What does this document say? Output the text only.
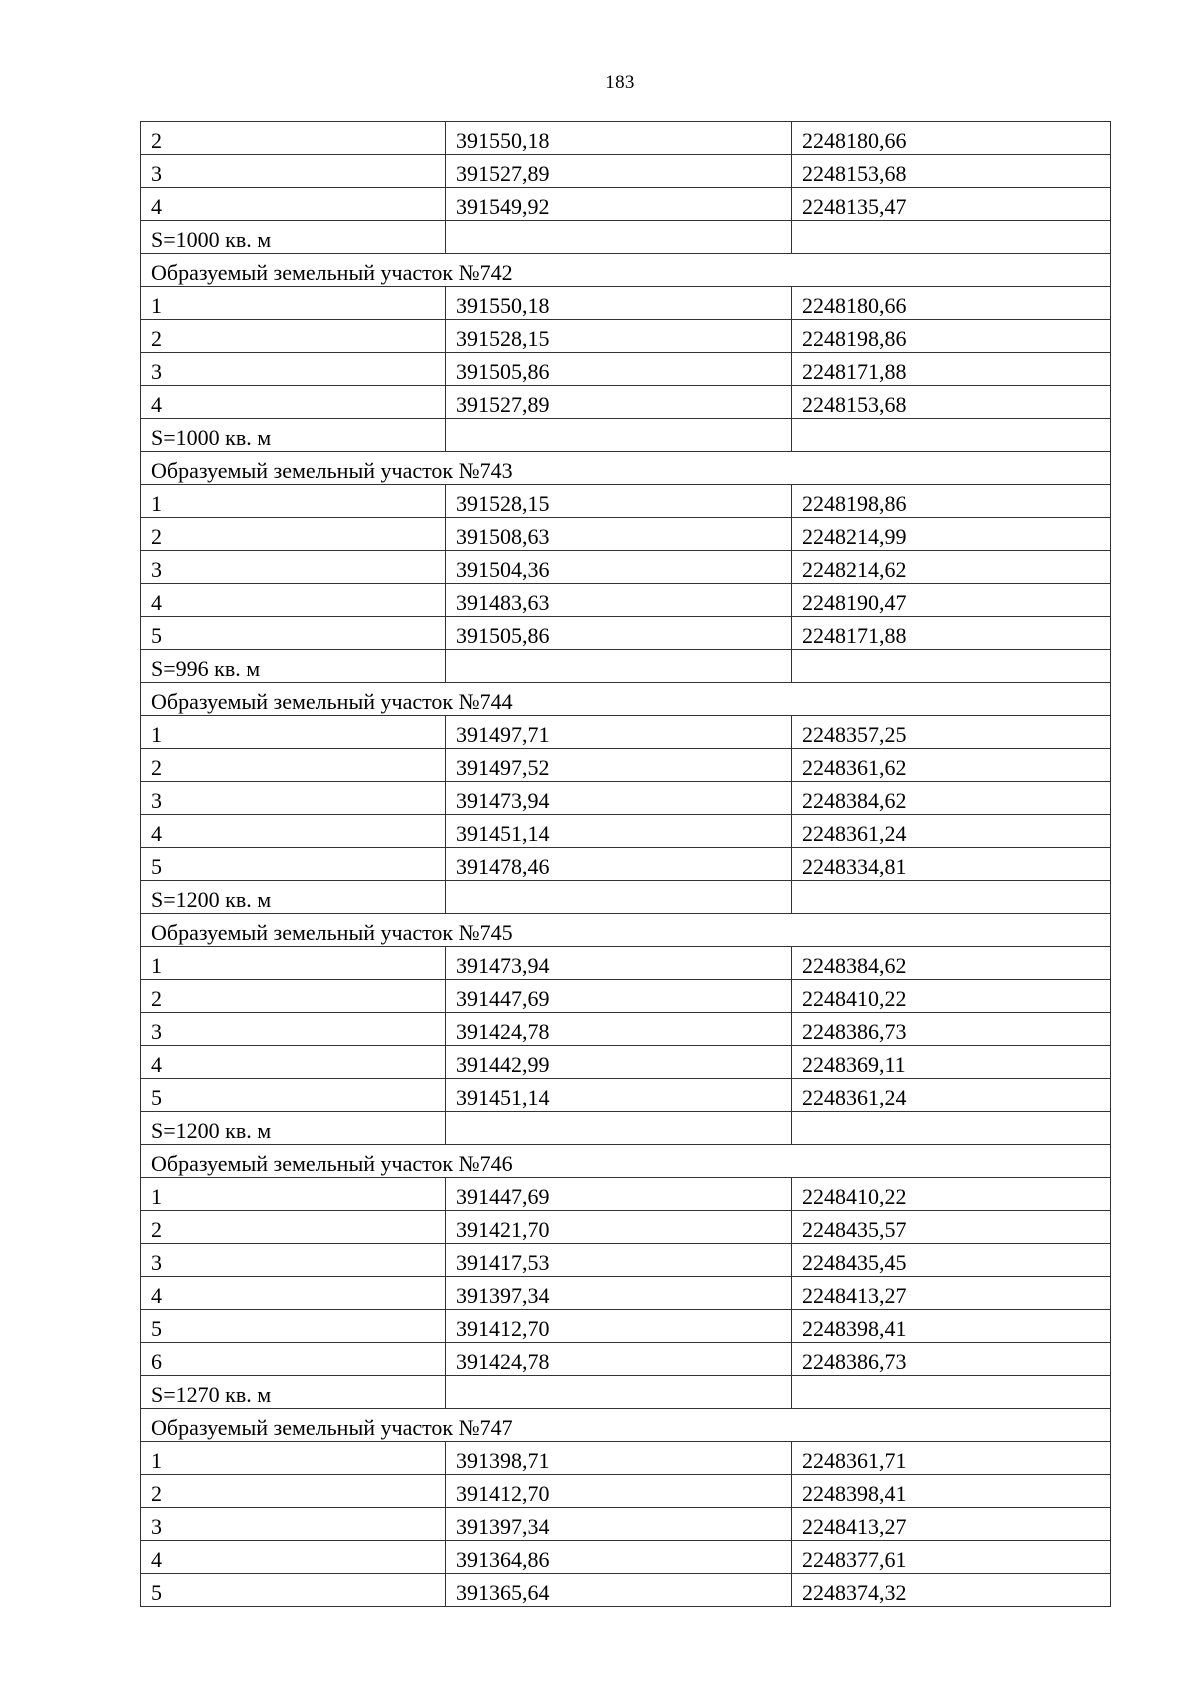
183
2	391550,18	2248180,66
3	391527,89	2248153,68
4	391549,92	2248135,47
S=1000 кв. м		
Образуемый земельный участок №742		
1	391550,18	2248180,66
2	391528,15	2248198,86
3	391505,86	2248171,88
4	391527,89	2248153,68
S=1000 кв. м		
Образуемый земельный участок №743		
1	391528,15	2248198,86
2	391508,63	2248214,99
3	391504,36	2248214,62
4	391483,63	2248190,47
5	391505,86	2248171,88
S=996 кв. м		
Образуемый земельный участок №744		
1	391497,71	2248357,25
2	391497,52	2248361,62
3	391473,94	2248384,62
4	391451,14	2248361,24
5	391478,46	2248334,81
S=1200 кв. м		
Образуемый земельный участок №745		
1	391473,94	2248384,62
2	391447,69	2248410,22
3	391424,78	2248386,73
4	391442,99	2248369,11
5	391451,14	2248361,24
S=1200 кв. м		
Образуемый земельный участок №746		
1	391447,69	2248410,22
2	391421,70	2248435,57
3	391417,53	2248435,45
4	391397,34	2248413,27
5	391412,70	2248398,41
6	391424,78	2248386,73
S=1270 кв. м		
Образуемый земельный участок №747		
1	391398,71	2248361,71
2	391412,70	2248398,41
3	391397,34	2248413,27
4	391364,86	2248377,61
5	391365,64	2248374,32
